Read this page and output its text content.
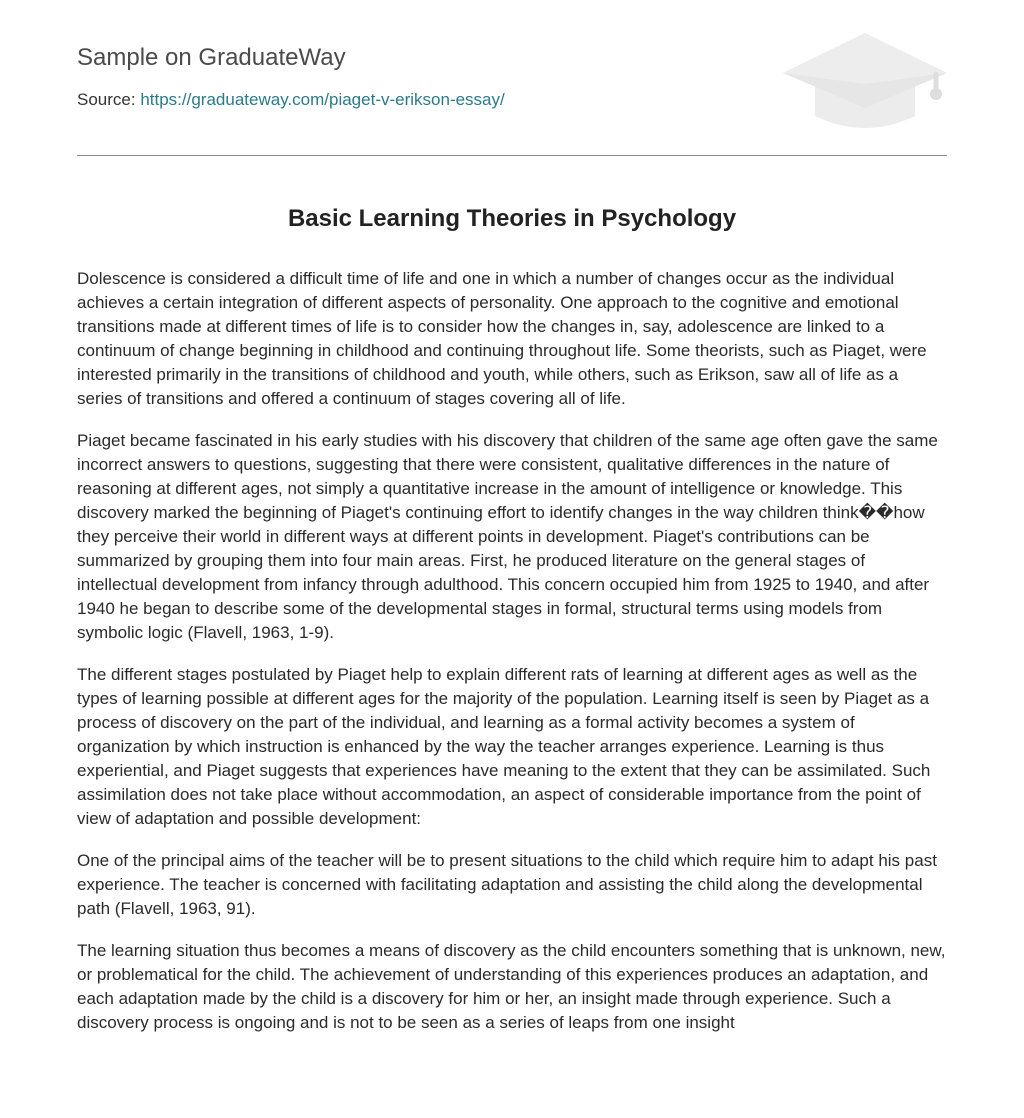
Sample on GraduateWay
Source: https://graduateway.com/piaget-v-erikson-essay/
Basic Learning Theories in Psychology

Dolescence is considered a difficult time of life and one in which a number of changes occur as the individual achieves a certain integration of different aspects of personality. One approach to the cognitive and emotional transitions made at different times of life is to consider how the changes in, say, adolescence are linked to a continuum of change beginning in childhood and continuing throughout life. Some theorists, such as Piaget, were interested primarily in the transitions of childhood and youth, while others, such as Erikson, saw all of life as a series of transitions and offered a continuum of stages covering all of life.

Piaget became fascinated in his early studies with his discovery that children of the same age often gave the same incorrect answers to questions, suggesting that there were consistent, qualitative differences in the nature of reasoning at different ages, not simply a quantitative increase in the amount of intelligence or knowledge. This discovery marked the beginning of Piaget's continuing effort to identify changes in the way children think��how they perceive their world in different ways at different points in development. Piaget's contributions can be summarized by grouping them into four main areas. First, he produced literature on the general stages of intellectual development from infancy through adulthood. This concern occupied him from 1925 to 1940, and after 1940 he began to describe some of the developmental stages in formal, structural terms using models from symbolic logic (Flavell, 1963, 1-9).

The different stages postulated by Piaget help to explain different rats of learning at different ages as well as the types of learning possible at different ages for the majority of the population. Learning itself is seen by Piaget as a process of discovery on the part of the individual, and learning as a formal activity becomes a system of organization by which instruction is enhanced by the way the teacher arranges experience. Learning is thus experiential, and Piaget suggests that experiences have meaning to the extent that they can be assimilated. Such assimilation does not take place without accommodation, an aspect of considerable importance from the point of view of adaptation and possible development:

One of the principal aims of the teacher will be to present situations to the child which require him to adapt his past experience. The teacher is concerned with facilitating adaptation and assisting the child along the developmental path (Flavell, 1963, 91).

The learning situation thus becomes a means of discovery as the child encounters something that is unknown, new, or problematical for the child. The achievement of understanding of this experiences produces an adaptation, and each adaptation made by the child is a discovery for him or her, an insight made through experience. Such a discovery process is ongoing and is not to be seen as a series of leaps from one insight
